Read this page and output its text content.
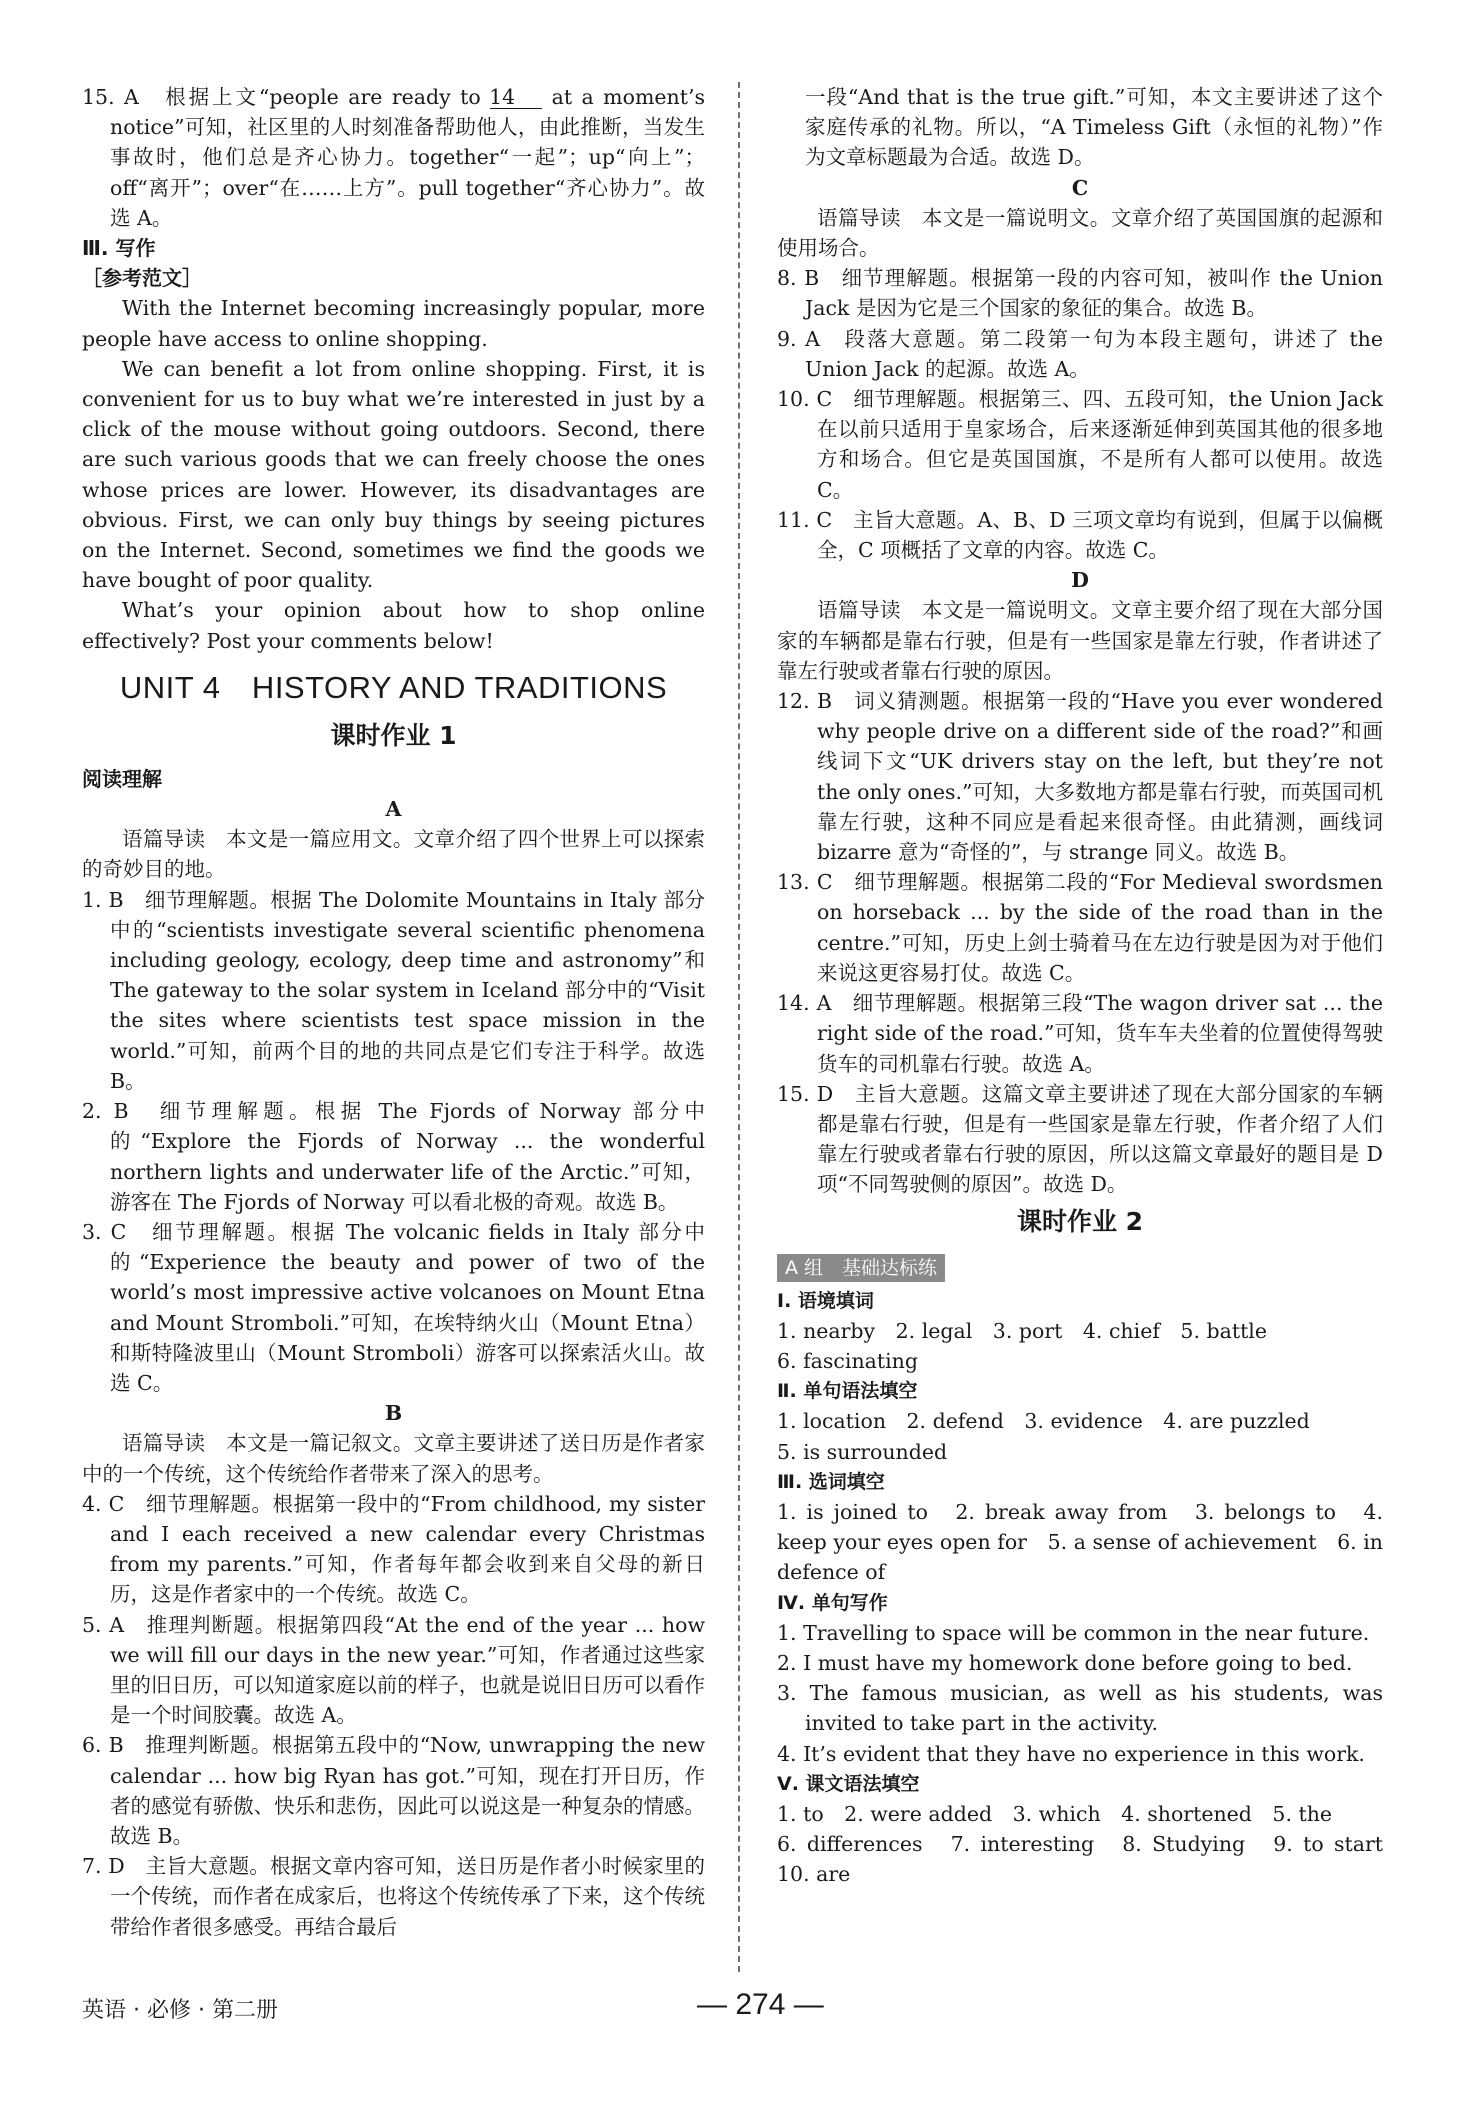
15. A　根据上文“people are ready to 14 at a moment’s notice”可知，社区里的人时刻准备帮助他人，由此推断，当发生事故时，他们总是齐心协力。together“一起”；up“向上”；off“离开”；over“在……上方”。pull together“齐心协力”。故选 A。

Ⅲ. 写作

［参考范文］

With the Internet becoming increasingly popular, more people have access to online shopping.

We can benefit a lot from online shopping. First, it is convenient for us to buy what we’re interested in just by a click of the mouse without going outdoors. Second, there are such various goods that we can freely choose the ones whose prices are lower. However, its disadvantages are obvious. First, we can only buy things by seeing pictures on the Internet. Second, sometimes we find the goods we have bought of poor quality.

What’s your opinion about how to shop online effectively? Post your comments below!

UNIT 4　HISTORY AND TRADITIONS
课时作业 1

阅读理解

A

语篇导读　本文是一篇应用文。文章介绍了四个世界上可以探索的奇妙目的地。

1. B　细节理解题。根据 The Dolomite Mountains in Italy 部分中的“scientists investigate several scientific phenomena including geology, ecology, deep time and astronomy”和 The gateway to the solar system in Iceland 部分中的“Visit the sites where scientists test space mission in the world.”可知，前两个目的地的共同点是它们专注于科学。故选 B。

2. B　细节理解题。根据 The Fjords of Norway 部分中的“Explore the Fjords of Norway ... the wonderful northern lights and underwater life of the Arctic.”可知，游客在 The Fjords of Norway 可以看北极的奇观。故选 B。

3. C　细节理解题。根据 The volcanic fields in Italy 部分中的“Experience the beauty and power of two of the world’s most impressive active volcanoes on Mount Etna and Mount Stromboli.”可知，在埃特纳火山（Mount Etna）和斯特隆波里山（Mount Stromboli）游客可以探索活火山。故选 C。

B

语篇导读　本文是一篇记叙文。文章主要讲述了送日历是作者家中的一个传统，这个传统给作者带来了深入的思考。

4. C　细节理解题。根据第一段中的“From childhood, my sister and I each received a new calendar every Christmas from my parents.”可知，作者每年都会收到来自父母的新日历，这是作者家中的一个传统。故选 C。

5. A　推理判断题。根据第四段“At the end of the year ... how we will fill our days in the new year.”可知，作者通过这些家里的旧日历，可以知道家庭以前的样子，也就是说旧日历可以看作是一个时间胶囊。故选 A。

6. B　推理判断题。根据第五段中的“Now, unwrapping the new calendar ... how big Ryan has got.”可知，现在打开日历，作者的感觉有骄傲、快乐和悲伤，因此可以说这是一种复杂的情感。故选 B。

7. D　主旨大意题。根据文章内容可知，送日历是作者小时候家里的一个传统，而作者在成家后，也将这个传统传承了下来，这个传统带给作者很多感受。再结合最后

一段“And that is the true gift.”可知，本文主要讲述了这个家庭传承的礼物。所以，“A Timeless Gift（永恒的礼物）”作为文章标题最为合适。故选 D。

C

语篇导读　本文是一篇说明文。文章介绍了英国国旗的起源和使用场合。

8. B　细节理解题。根据第一段的内容可知，被叫作 the Union Jack 是因为它是三个国家的象征的集合。故选 B。

9. A　段落大意题。第二段第一句为本段主题句，讲述了 the Union Jack 的起源。故选 A。

10. C　细节理解题。根据第三、四、五段可知，the Union Jack 在以前只适用于皇家场合，后来逐渐延伸到英国其他的很多地方和场合。但它是英国国旗，不是所有人都可以使用。故选 C。

11. C　主旨大意题。A、B、D 三项文章均有说到，但属于以偏概全，C 项概括了文章的内容。故选 C。

D

语篇导读　本文是一篇说明文。文章主要介绍了现在大部分国家的车辆都是靠右行驶，但是有一些国家是靠左行驶，作者讲述了靠左行驶或者靠右行驶的原因。

12. B　词义猜测题。根据第一段的“Have you ever wondered why people drive on a different side of the road?”和画线词下文“UK drivers stay on the left, but they’re not the only ones.”可知，大多数地方都是靠右行驶，而英国司机靠左行驶，这种不同应是看起来很奇怪。由此猜测，画线词 bizarre 意为“奇怪的”，与 strange 同义。故选 B。

13. C　细节理解题。根据第二段的“For Medieval swordsmen on horseback ... by the side of the road than in the centre.”可知，历史上剑士骑着马在左边行驶是因为对于他们来说这更容易打仗。故选 C。

14. A　细节理解题。根据第三段“The wagon driver sat ... the right side of the road.”可知，货车车夫坐着的位置使得驾驶货车的司机靠右行驶。故选 A。

15. D　主旨大意题。这篇文章主要讲述了现在大部分国家的车辆都是靠右行驶，但是有一些国家是靠左行驶，作者介绍了人们靠左行驶或者靠右行驶的原因，所以这篇文章最好的题目是 D 项“不同驾驶侧的原因”。故选 D。

课时作业 2
A 组　基础达标练

Ⅰ. 语境填词

1. nearby　2. legal　3. port　4. chief　5. battle

6. fascinating

Ⅱ. 单句语法填空

1. location　2. defend　3. evidence　4. are puzzled

5. is surrounded

Ⅲ. 选词填空

1. is joined to　2. break away from　3. belongs to　4. keep your eyes open for　5. a sense of achievement　6. in defence of

Ⅳ. 单句写作

1. Travelling to space will be common in the near future.

2. I must have my homework done before going to bed.

3. The famous musician, as well as his students, was invited to take part in the activity.

4. It’s evident that they have no experience in this work.

Ⅴ. 课文语法填空

1. to　2. were added　3. which　4. shortened　5. the

6. differences　7. interesting　8. Studying　9. to start　10. are

英语 · 必修 · 第二册	— 274 —
